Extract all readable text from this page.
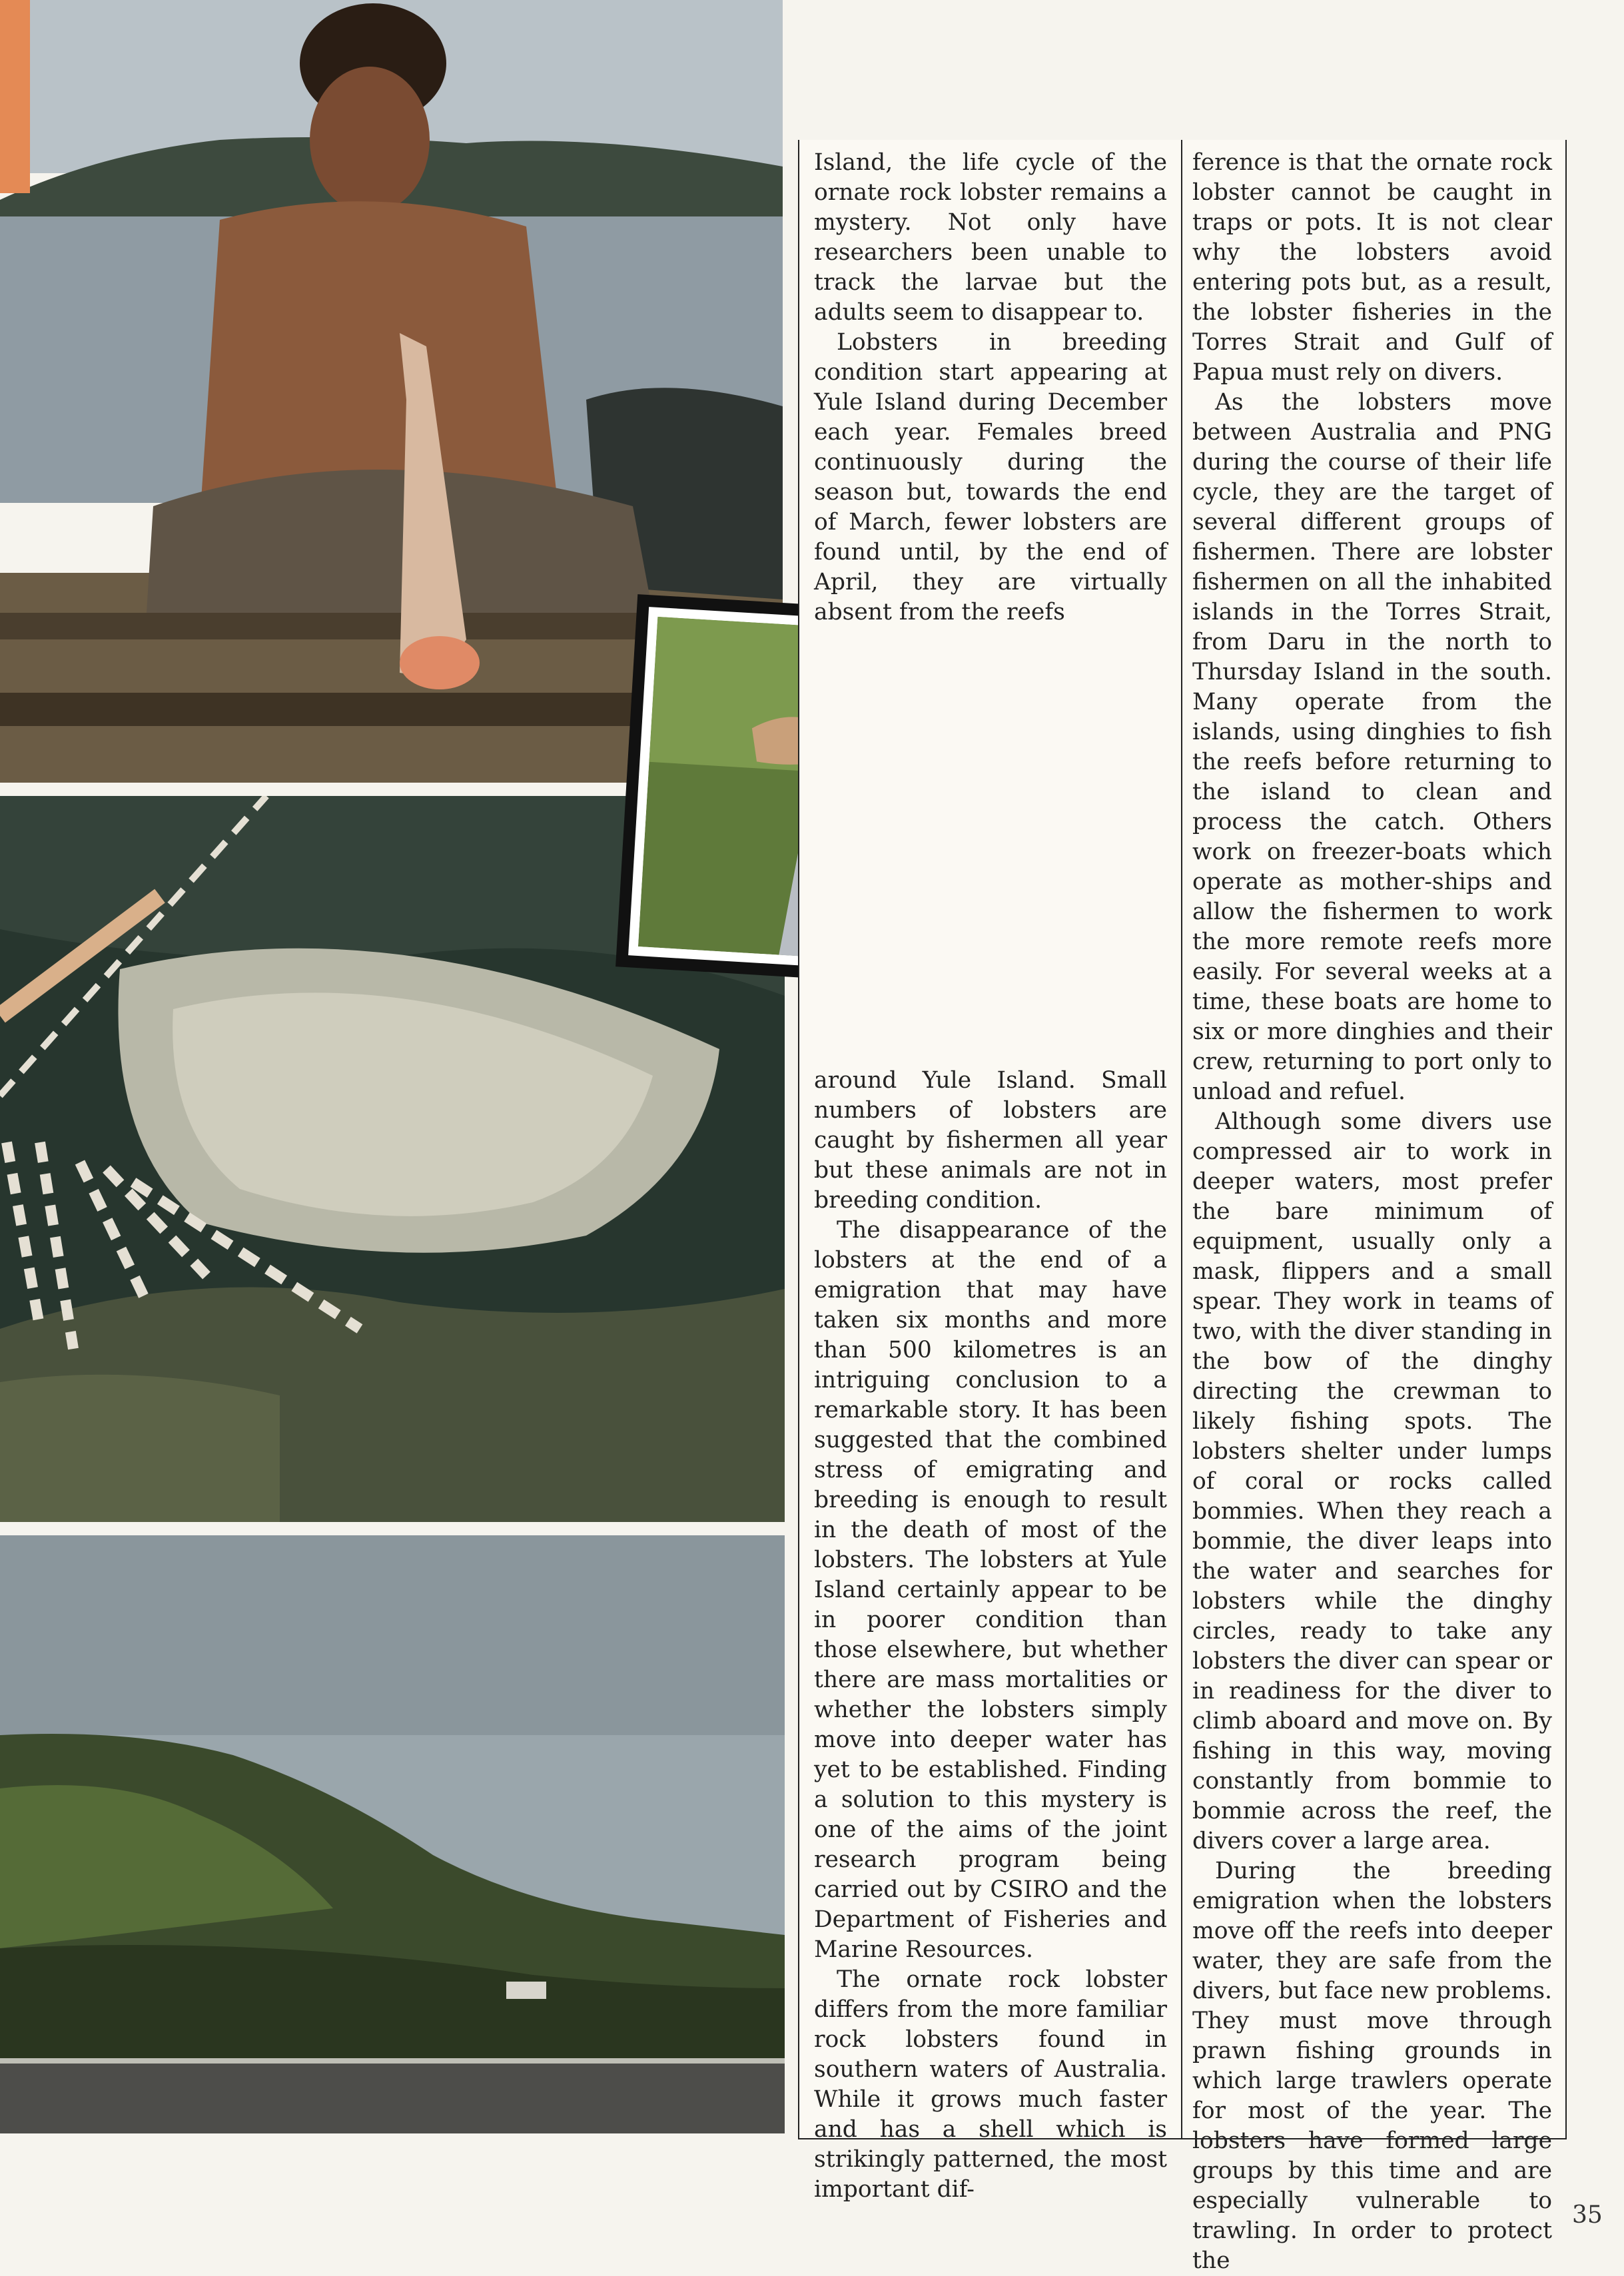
Island, the life cycle of the ornate rock lobster remains a mystery. Not only have researchers been unable to track the larvae but the adults seem to disappear to.

Lobsters in breeding condition start appearing at Yule Island during December each year. Females breed continuously during the season but, towards the end of March, fewer lobsters are found until, by the end of April, they are virtually absent from the reefs

around Yule Island. Small numbers of lobsters are caught by fishermen all year but these animals are not in breeding condition.

The disappearance of the lobsters at the end of a emigration that may have taken six months and more than 500 kilometres is an intriguing conclusion to a remarkable story. It has been suggested that the combined stress of emigrating and breeding is enough to result in the death of most of the lobsters. The lobsters at Yule Island certainly appear to be in poorer condition than those elsewhere, but whether there are mass mortalities or whether the lobsters simply move into deeper water has yet to be established. Finding a solution to this mystery is one of the aims of the joint research program being carried out by CSIRO and the Department of Fisheries and Marine Resources.

The ornate rock lobster differs from the more familiar rock lobsters found in southern waters of Australia. While it grows much faster and has a shell which is strikingly patterned, the most important dif-

ference is that the ornate rock lobster cannot be caught in traps or pots. It is not clear why the lobsters avoid entering pots but, as a result, the lobster fisheries in the Torres Strait and Gulf of Papua must rely on divers.

As the lobsters move between Australia and PNG during the course of their life cycle, they are the target of several different groups of fishermen. There are lobster fishermen on all the inhabited islands in the Torres Strait, from Daru in the north to Thursday Island in the south. Many operate from the islands, using dinghies to fish the reefs before returning to the island to clean and process the catch. Others work on freezer-boats which operate as mother-ships and allow the fishermen to work the more remote reefs more easily. For several weeks at a time, these boats are home to six or more dinghies and their crew, returning to port only to unload and refuel.

Although some divers use compressed air to work in deeper waters, most prefer the bare minimum of equipment, usually only a mask, flippers and a small spear. They work in teams of two, with the diver standing in the bow of the dinghy directing the crewman to likely fishing spots. The lobsters shelter under lumps of coral or rocks called bommies. When they reach a bommie, the diver leaps into the water and searches for lobsters while the dinghy circles, ready to take any lobsters the diver can spear or in readiness for the diver to climb aboard and move on. By fishing in this way, moving constantly from bommie to bommie across the reef, the divers cover a large area.

During the breeding emigration when the lobsters move off the reefs into deeper water, they are safe from the divers, but face new problems. They must move through prawn fishing grounds in which large trawlers operate for most of the year. The lobsters have formed large groups by this time and are especially vulnerable to trawling. In order to protect the

35
